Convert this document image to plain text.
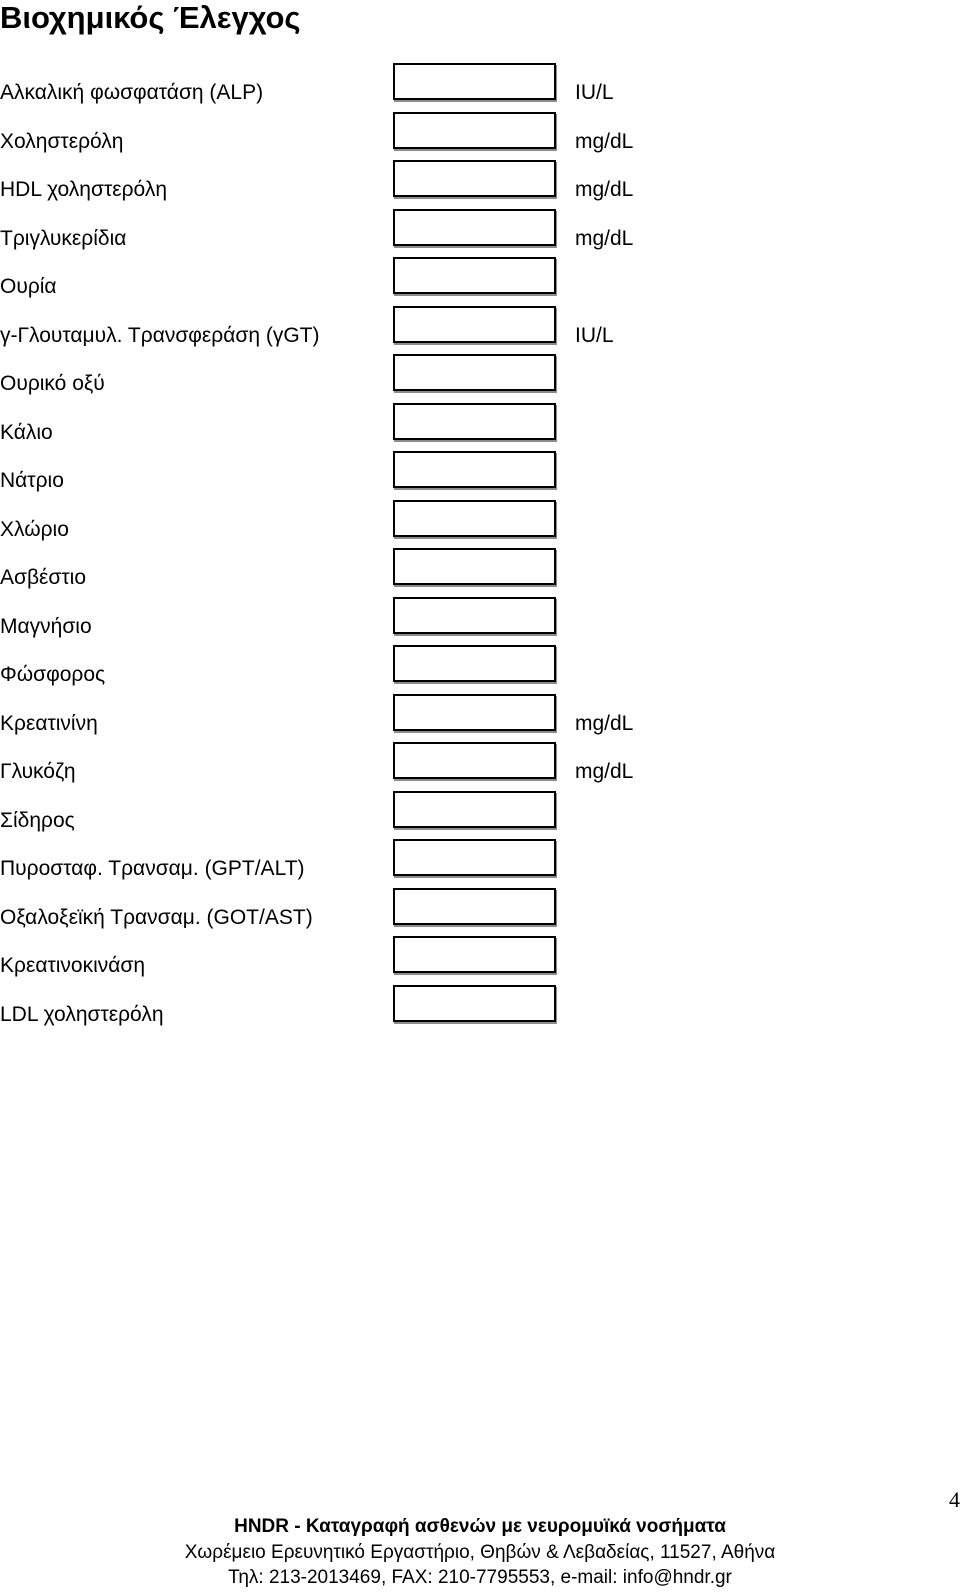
Βιοχημικός Έλεγχος
Αλκαλική φωσφατάση (ALP)	IU/L
Χοληστερόλη	mg/dL
HDL χοληστερόλη	mg/dL
Τριγλυκερίδια	mg/dL
Ουρία
γ-Γλουταμυλ. Τρανσφεράση (γGT)	IU/L
Ουρικό οξύ
Κάλιο
Νάτριο
Χλώριο
Ασβέστιο
Μαγνήσιο
Φώσφορος
Κρεατινίνη	mg/dL
Γλυκόζη	mg/dL
Σίδηρος
Πυροσταφ. Τρανσαμ. (GPT/ALT)
Οξαλοξεϊκή Τρανσαμ. (GOT/AST)
Κρεατινοκινάση
LDL χοληστερόλη
4
HNDR - Καταγραφή ασθενών με νευρομυϊκά νοσήματα
Χωρέμειο Ερευνητικό Εργαστήριο, Θηβών & Λεβαδείας, 11527, Αθήνα
Τηλ: 213-2013469, FAX: 210-7795553, e-mail: info@hndr.gr
